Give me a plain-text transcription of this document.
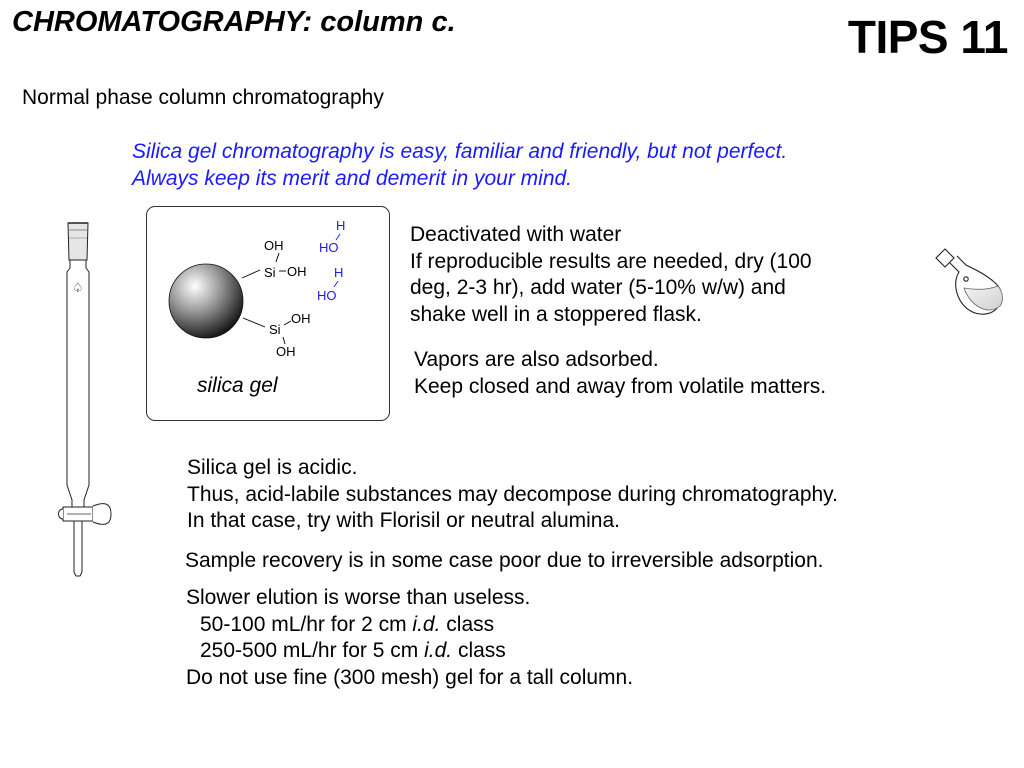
CHROMATOGRAPHY: column c.	TIPS 11
Normal phase column chromatography
Silica gel chromatography is easy, familiar and friendly, but not perfect.
Always keep its merit and demerit in your mind.
♤
OH
Si OH
Si
OH
OH
H
HO
H
HO
silica gel
Deactivated with water
If reproducible results are needed, dry (100
deg, 2-3 hr), add water (5-10% w/w) and
shake well in a stoppered flask.
Vapors are also adsorbed.
Keep closed and away from volatile matters.
Silica gel is acidic.
Thus, acid-labile substances may decompose during chromatography.
In that case, try with Florisil or neutral alumina.
Sample recovery is in some case poor due to irreversible adsorption.
Slower elution is worse than useless.
50-100 mL/hr for 2 cm i.d. class
250-500 mL/hr for 5 cm i.d. class
Do not use fine (300 mesh) gel for a tall column.
